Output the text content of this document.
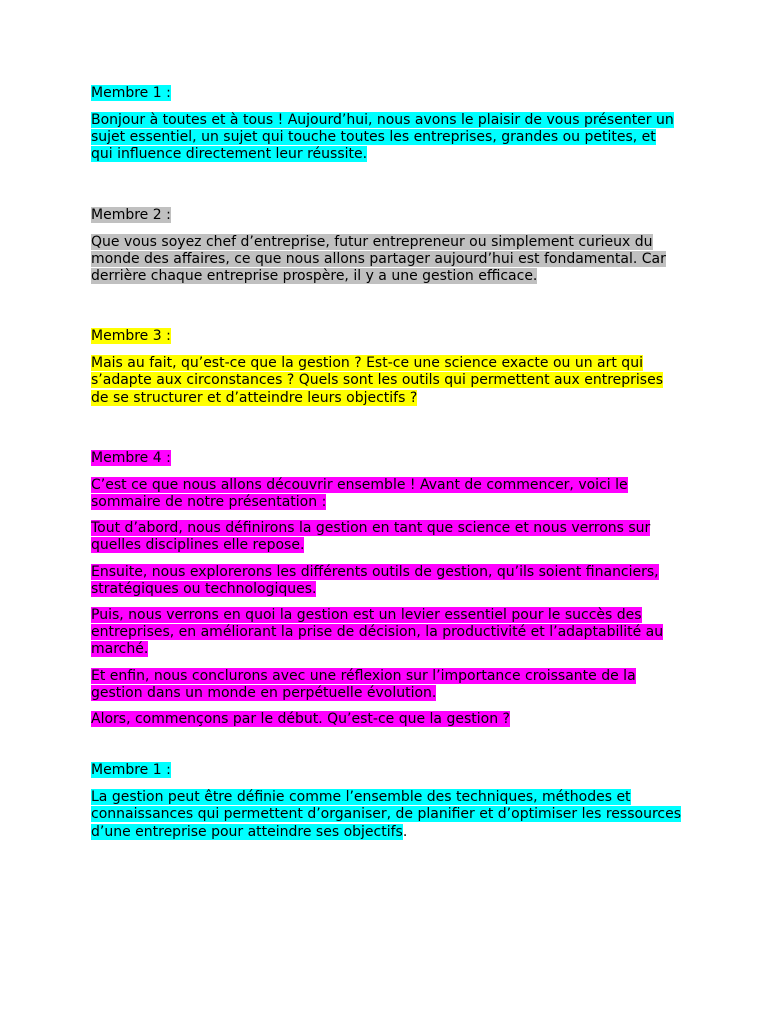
Membre 1 :

Bonjour à toutes et à tous ! Aujourd’hui, nous avons le plaisir de vous présenter un sujet essentiel, un sujet qui touche toutes les entreprises, grandes ou petites, et qui influence directement leur réussite.

Membre 2 :

Que vous soyez chef d’entreprise, futur entrepreneur ou simplement curieux du monde des affaires, ce que nous allons partager aujourd’hui est fondamental. Car derrière chaque entreprise prospère, il y a une gestion efficace.

Membre 3 :

Mais au fait, qu’est-ce que la gestion ? Est-ce une science exacte ou un art qui s’adapte aux circonstances ? Quels sont les outils qui permettent aux entreprises de se structurer et d’atteindre leurs objectifs ?

Membre 4 :

C’est ce que nous allons découvrir ensemble ! Avant de commencer, voici le sommaire de notre présentation :

Tout d’abord, nous définirons la gestion en tant que science et nous verrons sur quelles disciplines elle repose.

Ensuite, nous explorerons les différents outils de gestion, qu’ils soient financiers, stratégiques ou technologiques.

Puis, nous verrons en quoi la gestion est un levier essentiel pour le succès des entreprises, en améliorant la prise de décision, la productivité et l’adaptabilité au marché.

Et enfin, nous conclurons avec une réflexion sur l’importance croissante de la gestion dans un monde en perpétuelle évolution.

Alors, commençons par le début. Qu’est-ce que la gestion ?

Membre 1 :

La gestion peut être définie comme l’ensemble des techniques, méthodes et connaissances qui permettent d’organiser, de planifier et d’optimiser les ressources d’une entreprise pour atteindre ses objectifs.
